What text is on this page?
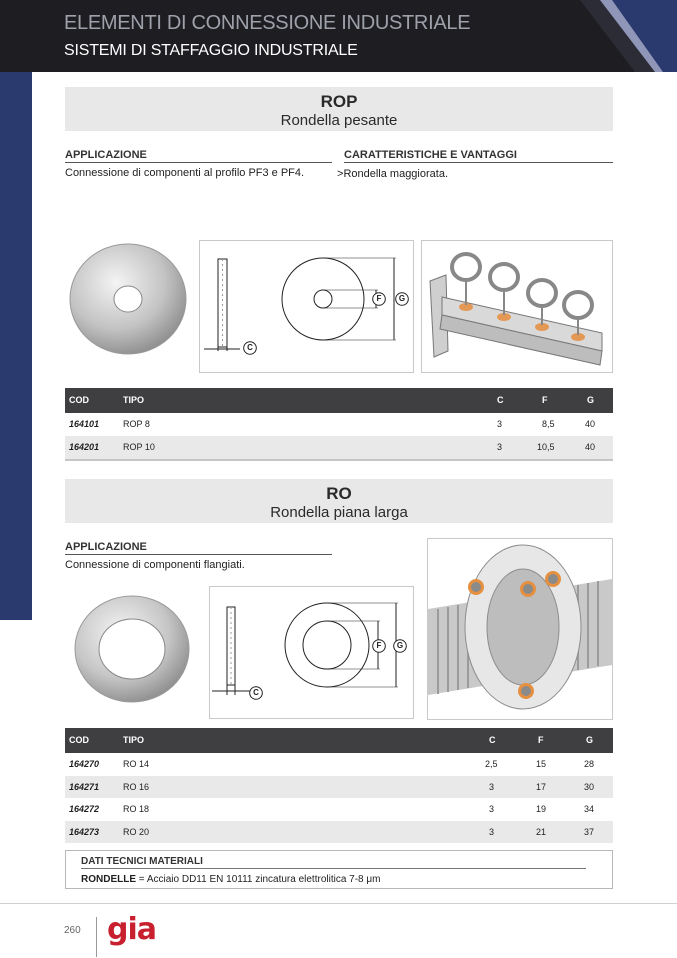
ELEMENTI DI CONNESSIONE INDUSTRIALE
SISTEMI DI STAFFAGGIO INDUSTRIALE
ROP
Rondella pesante
APPLICAZIONE
Connessione di componenti al profilo PF3 e PF4.
CARATTERISTICHE E VANTAGGI
>Rondella maggiorata.
F	G
C
COD	TIPO	C	F	G
164101	ROP 8	3	8,5	40
164201	ROP 10	3	10,5	40
RO
Rondella piana larga
APPLICAZIONE
Connessione di componenti flangiati.
F	G
C
COD	TIPO	C	F	G
164270	RO 14	2,5	15	28
164271	RO 16	3	17	30
164272	RO 18	3	19	34
164273	RO 20	3	21	37
DATI TECNICI MATERIALI
RONDELLE = Acciaio DD11 EN 10111 zincatura elettrolitica 7-8 μm
260 gia
